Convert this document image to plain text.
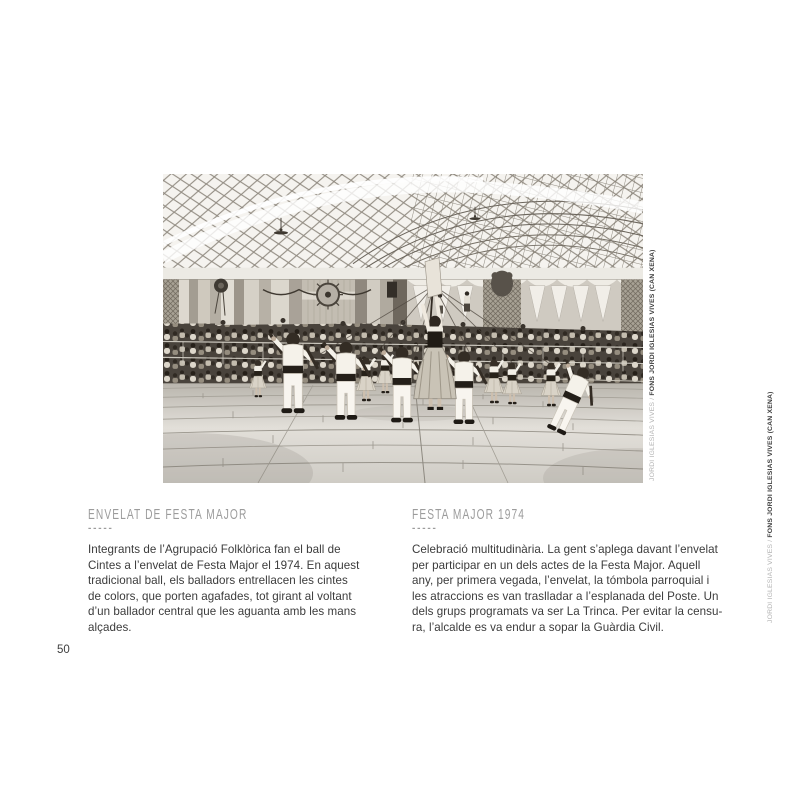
JORDI IGLESIAS VIVES / FONS JORDI IGLESIAS VIVES (CAN XENA)
JORDI IGLESIAS VIVES / FONS JORDI IGLESIAS VIVES (CAN XENA)
ENVELAT DE FESTA MAJOR
-----
Integrants de l’Agrupació Folklòrica fan el ball de
Cintes a l’envelat de Festa Major el 1974. En aquest
tradicional ball, els balladors entrellacen les cintes
de colors, que porten agafades, tot girant al voltant
d’un ballador central que les aguanta amb les mans
alçades.
FESTA MAJOR 1974
-----
Celebració multitudinària. La gent s’aplega davant l’envelat
per participar en un dels actes de la Festa Major. Aquell
any, per primera vegada, l’envelat, la tómbola parroquial i
les atraccions es van traslladar a l’esplanada del Poste. Un
dels grups programats va ser La Trinca. Per evitar la censu-
ra, l’alcalde es va endur a sopar la Guàrdia Civil.
50
